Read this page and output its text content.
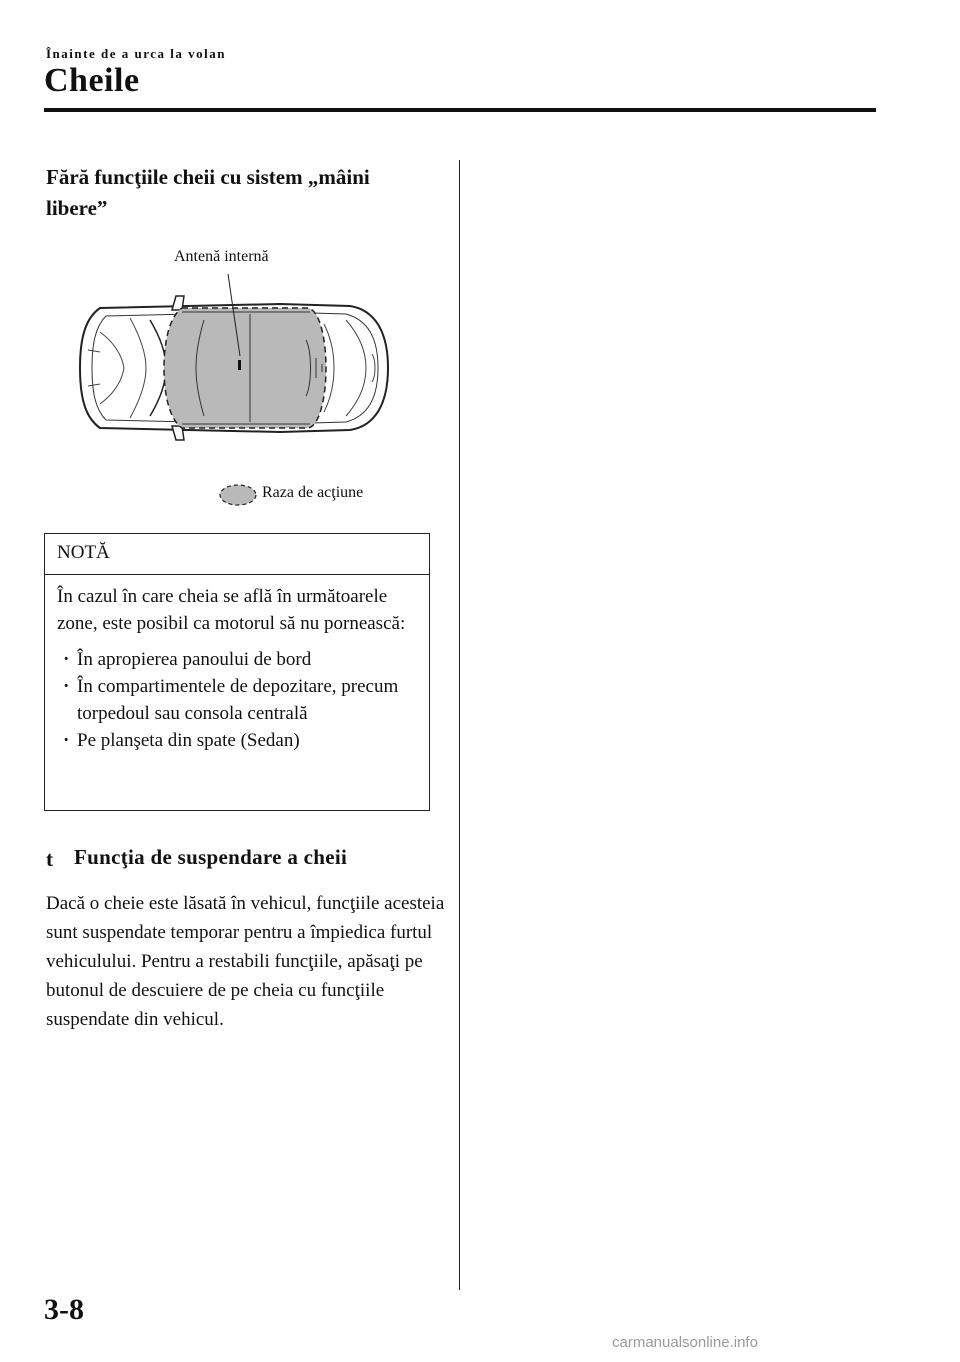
Înainte de a urca la volan
Cheile
Fără funcţiile cheii cu sistem „mâini libere”
Antenă internă
Raza de acţiune
NOTĂ

În cazul în care cheia se află în următoarele zone, este posibil ca motorul să nu pornească:

· În apropierea panoului de bord
· În compartimentele de depozitare, precum torpedoul sau consola centrală
· Pe planşeta din spate (Sedan)
t Funcţia de suspendare a cheii
Dacă o cheie este lăsată în vehicul, funcţiile acesteia sunt suspendate temporar pentru a împiedica furtul vehiculului. Pentru a restabili funcţiile, apăsaţi pe butonul de descuiere de pe cheia cu funcţiile suspendate din vehicul.
3-8
carmanualsonline.info
